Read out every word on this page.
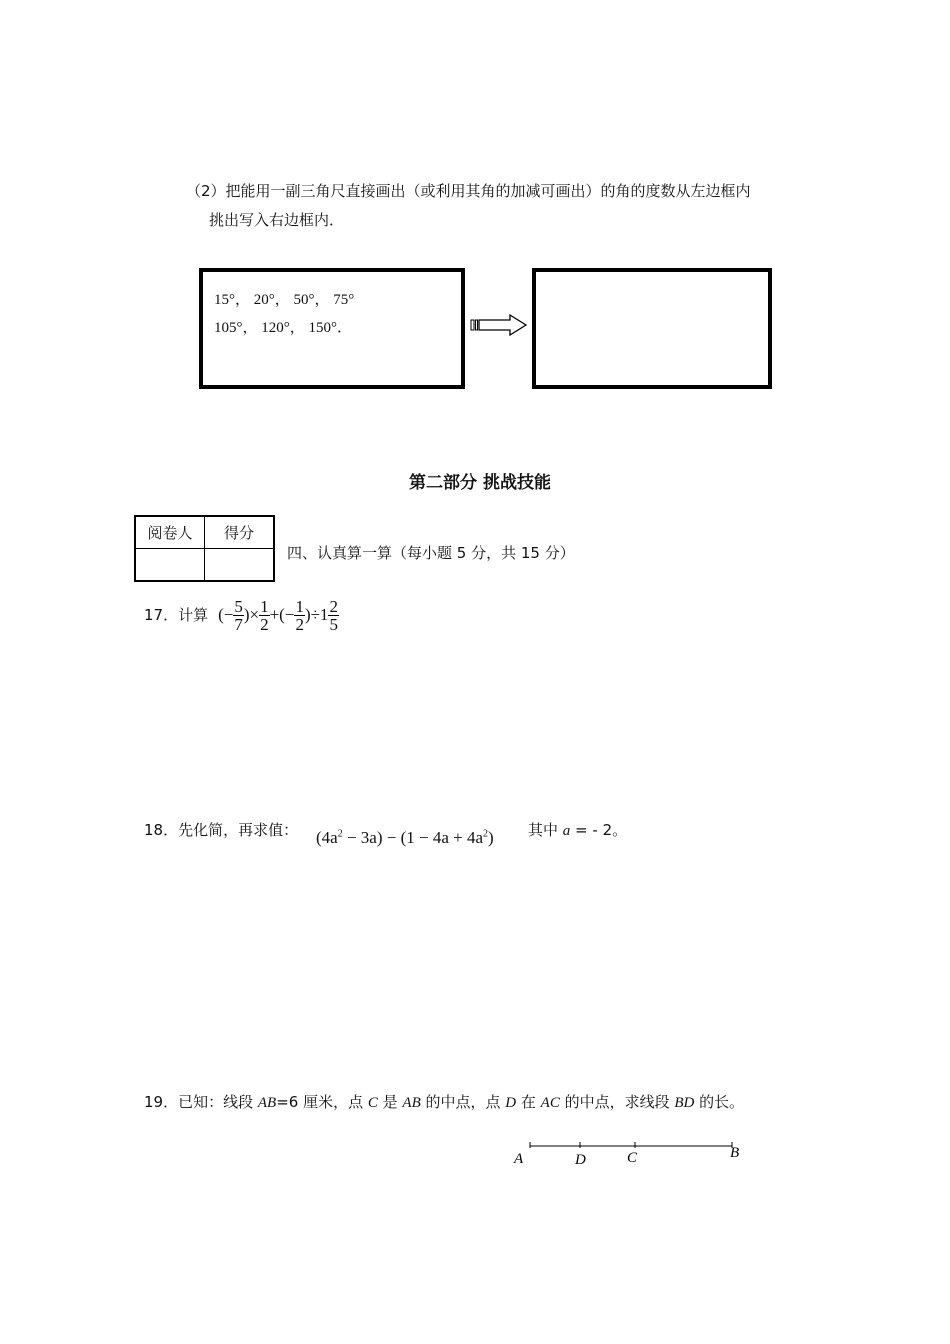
（2）把能用一副三角尺直接画出（或利用其角的加减可画出）的角的度数从左边框内
挑出写入右边框内．
15°， 20°， 50°， 75°
105°， 120°， 150°．
第二部分 挑战技能
阅卷人	得分

四、认真算一算（每小题 5 分，共 15 分）
17．计算 (− $\frac{5}{7}$ )× $\frac{1}{2}$ +(− $\frac{1}{2} )\div 1 \frac{2}{5}$
18．先化简，再求值： $(4a^2 - 3a) - (1 - 4a + 4a^2)$ 其中 a = - 2。
19．已知：线段 AB=6 厘米，点 C 是 AB 的中点，点 D 在 AC 的中点，求线段 BD 的长。
A	D	C	B
